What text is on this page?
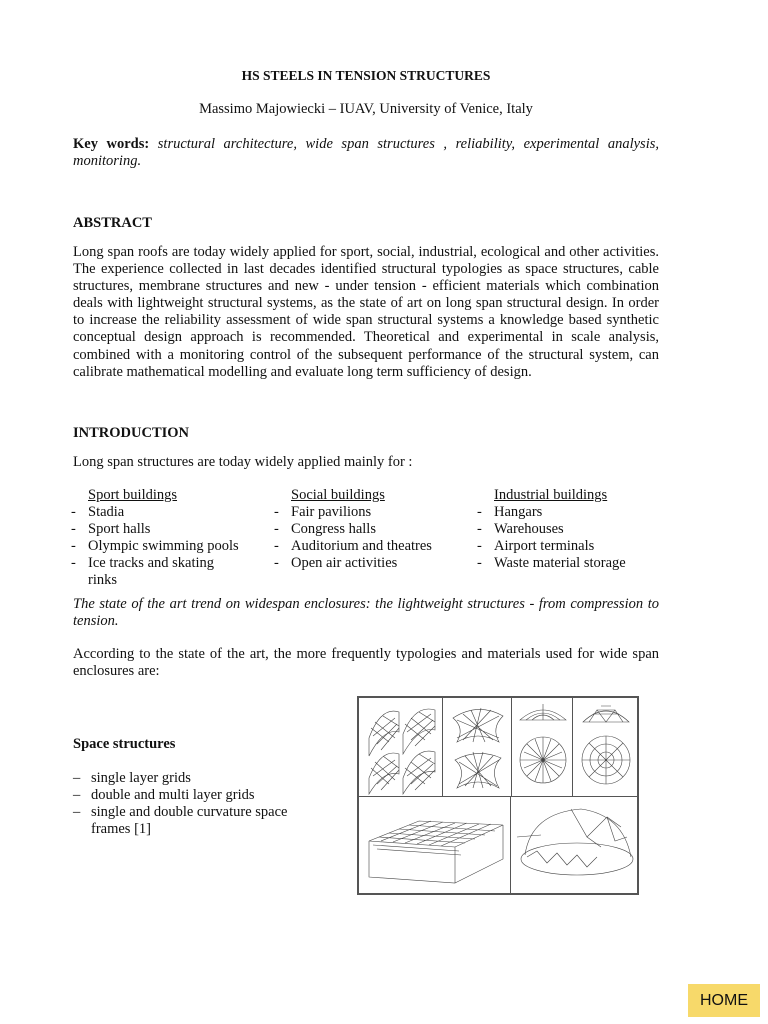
HS STEELS IN TENSION STRUCTURES
Massimo Majowiecki – IUAV, University of Venice, Italy
Key words: structural architecture, wide span structures , reliability, experimental analysis, monitoring.
ABSTRACT
Long span roofs are today widely applied for sport, social, industrial, ecological and other activities. The experience collected in last decades identified structural typologies as space structures, cable structures, membrane structures and new - under tension - efficient materials which combination deals with lightweight structural systems, as the state of art on long span structural design. In order to increase the reliability assessment of wide span structural systems a knowledge based synthetic conceptual design approach is recommended. Theoretical and experimental in scale analysis, combined with a monitoring control of the subsequent performance of the structural system, can calibrate mathematical modelling and evaluate long term sufficiency of design.
INTRODUCTION
Long span structures are today widely applied mainly for :
Sport buildings
- Stadia
- Sport halls
- Olympic swimming pools
- Ice tracks and skating rinks
Social buildings
- Fair pavilions
- Congress halls
- Auditorium and theatres
- Open air activities
Industrial buildings
- Hangars
- Warehouses
- Airport terminals
- Waste material storage
The state of the art trend on widespan enclosures: the lightweight structures - from compression to tension.
According to the state of the art, the more frequently typologies and materials used for wide span enclosures are:
Space structures
– single layer grids
– double and multi layer grids
– single and double curvature space frames [1]
HOME
